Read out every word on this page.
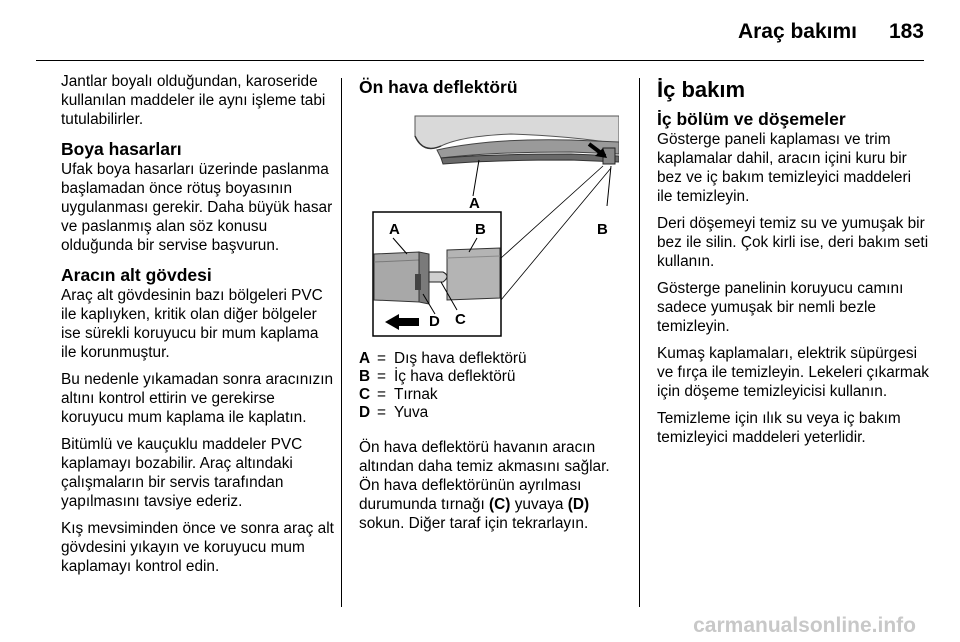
Araç bakımı 183

Jantlar boyalı olduğundan, karoseride kullanılan maddeler ile aynı işleme tabi tutulabilirler.

Boya hasarları

Ufak boya hasarları üzerinde paslanma başlamadan önce rötuş boyasının uygulanması gerekir. Daha büyük hasar ve paslanmış alan söz konusu olduğunda bir servise başvurun.

Aracın alt gövdesi

Araç alt gövdesinin bazı bölgeleri PVC ile kaplıyken, kritik olan diğer bölgeler ise sürekli koruyucu bir mum kaplama ile korunmuştur.

Bu nedenle yıkamadan sonra aracınızın altını kontrol ettirin ve gerekirse koruyucu mum kaplama ile kaplatın.

Bitümlü ve kauçuklu maddeler PVC kaplamayı bozabilir. Araç altındaki çalışmaların bir servis tarafından yapılmasını tavsiye ederiz.

Kış mevsiminden önce ve sonra araç alt gövdesini yıkayın ve koruyucu mum kaplamayı kontrol edin.

Ön hava deflektörü
A
B
A	B
D C
A = Dış hava deflektörü
B = İç hava deflektörü
C = Tırnak
D = Yuva

Ön hava deflektörü havanın aracın altından daha temiz akmasını sağlar. Ön hava deflektörünün ayrılması durumunda tırnağı (C) yuvaya (D) sokun. Diğer taraf için tekrarlayın.

İç bakım
İç bölüm ve döşemeler

Gösterge paneli kaplaması ve trim kaplamalar dahil, aracın içini kuru bir bez ve iç bakım temizleyici maddeleri ile temizleyin.

Deri döşemeyi temiz su ve yumuşak bir bez ile silin. Çok kirli ise, deri bakım seti kullanın.

Gösterge panelinin koruyucu camını sadece yumuşak bir nemli bezle temizleyin.

Kumaş kaplamaları, elektrik süpürgesi ve fırça ile temizleyin. Lekeleri çıkarmak için döşeme temizleyicisi kullanın.

Temizleme için ılık su veya iç bakım temizleyici maddeleri yeterlidir.

carmanualsonline.info
